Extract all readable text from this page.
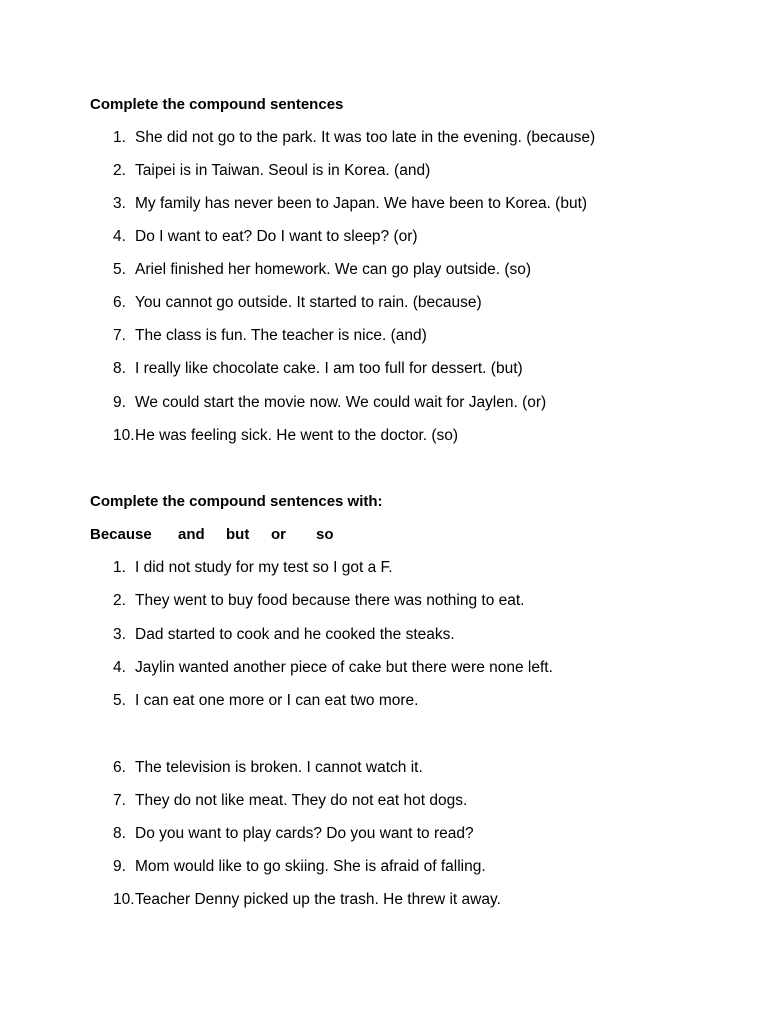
Complete the compound sentences
1. She did not go to the park. It was too late in the evening. (because)
2. Taipei is in Taiwan. Seoul is in Korea. (and)
3. My family has never been to Japan. We have been to Korea. (but)
4. Do I want to eat? Do I want to sleep? (or)
5. Ariel finished her homework. We can go play outside. (so)
6. You cannot go outside. It started to rain. (because)
7. The class is fun. The teacher is nice. (and)
8. I really like chocolate cake. I am too full for dessert. (but)
9. We could start the movie now. We could wait for Jaylen. (or)
10. He was feeling sick. He went to the doctor. (so)
Complete the compound sentences with:
Because and but or so
1. I did not study for my test so I got a F.
2. They went to buy food because there was nothing to eat.
3. Dad started to cook and he cooked the steaks.
4. Jaylin wanted another piece of cake but there were none left.
5. I can eat one more or I can eat two more.
6. The television is broken. I cannot watch it.
7. They do not like meat. They do not eat hot dogs.
8. Do you want to play cards? Do you want to read?
9. Mom would like to go skiing. She is afraid of falling.
10. Teacher Denny picked up the trash. He threw it away.
